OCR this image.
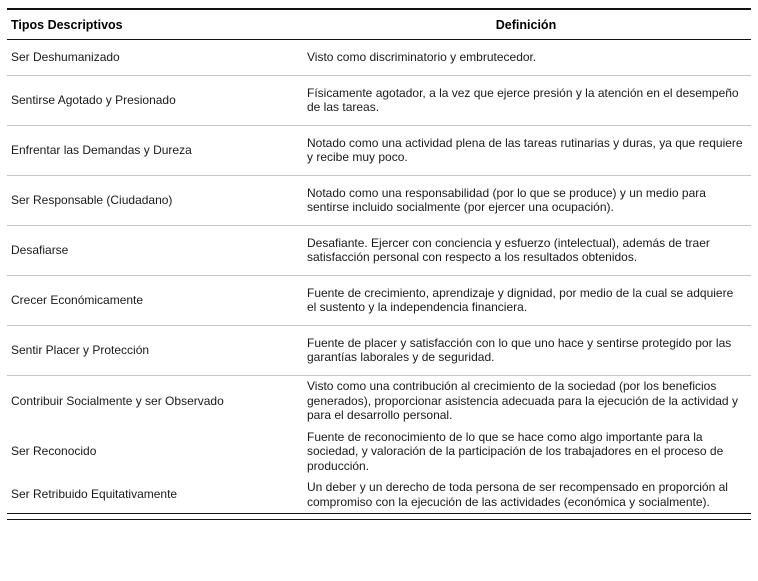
Tipos Descriptivos	Definición
Ser Deshumanizado	Visto como discriminatorio y embrutecedor.
Sentirse Agotado y Presionado
Físicamente agotador, a la vez que ejerce presión y la atención en el desempeño de las tareas.
Enfrentar las Demandas y Dureza
Notado como una actividad plena de las tareas rutinarias y duras, ya que requiere y recibe muy poco.
Ser Responsable (Ciudadano)
Notado como una responsabilidad (por lo que se produce) y un medio para sentirse incluido socialmente (por ejercer una ocupación).
Desafiarse
Desafiante. Ejercer con conciencia y esfuerzo (intelectual), además de traer satisfacción personal con respecto a los resultados obtenidos.
Crecer Económicamente
Fuente de crecimiento, aprendizaje y dignidad, por medio de la cual se adquiere el sustento y la independencia financiera.
Sentir Placer y Protección
Fuente de placer y satisfacción con lo que uno hace y sentirse protegido por las garantías laborales y de seguridad.
Contribuir Socialmente y ser Observado
Visto como una contribución al crecimiento de la sociedad (por los beneficios generados), proporcionar asistencia adecuada para la ejecución de la actividad y para el desarrollo personal.
Ser Reconocido
Fuente de reconocimiento de lo que se hace como algo importante para la sociedad, y valoración de la participación de los trabajadores en el proceso de producción.
Ser Retribuido Equitativamente
Un deber y un derecho de toda persona de ser recompensado en proporción al compromiso con la ejecución de las actividades (económica y socialmente).
